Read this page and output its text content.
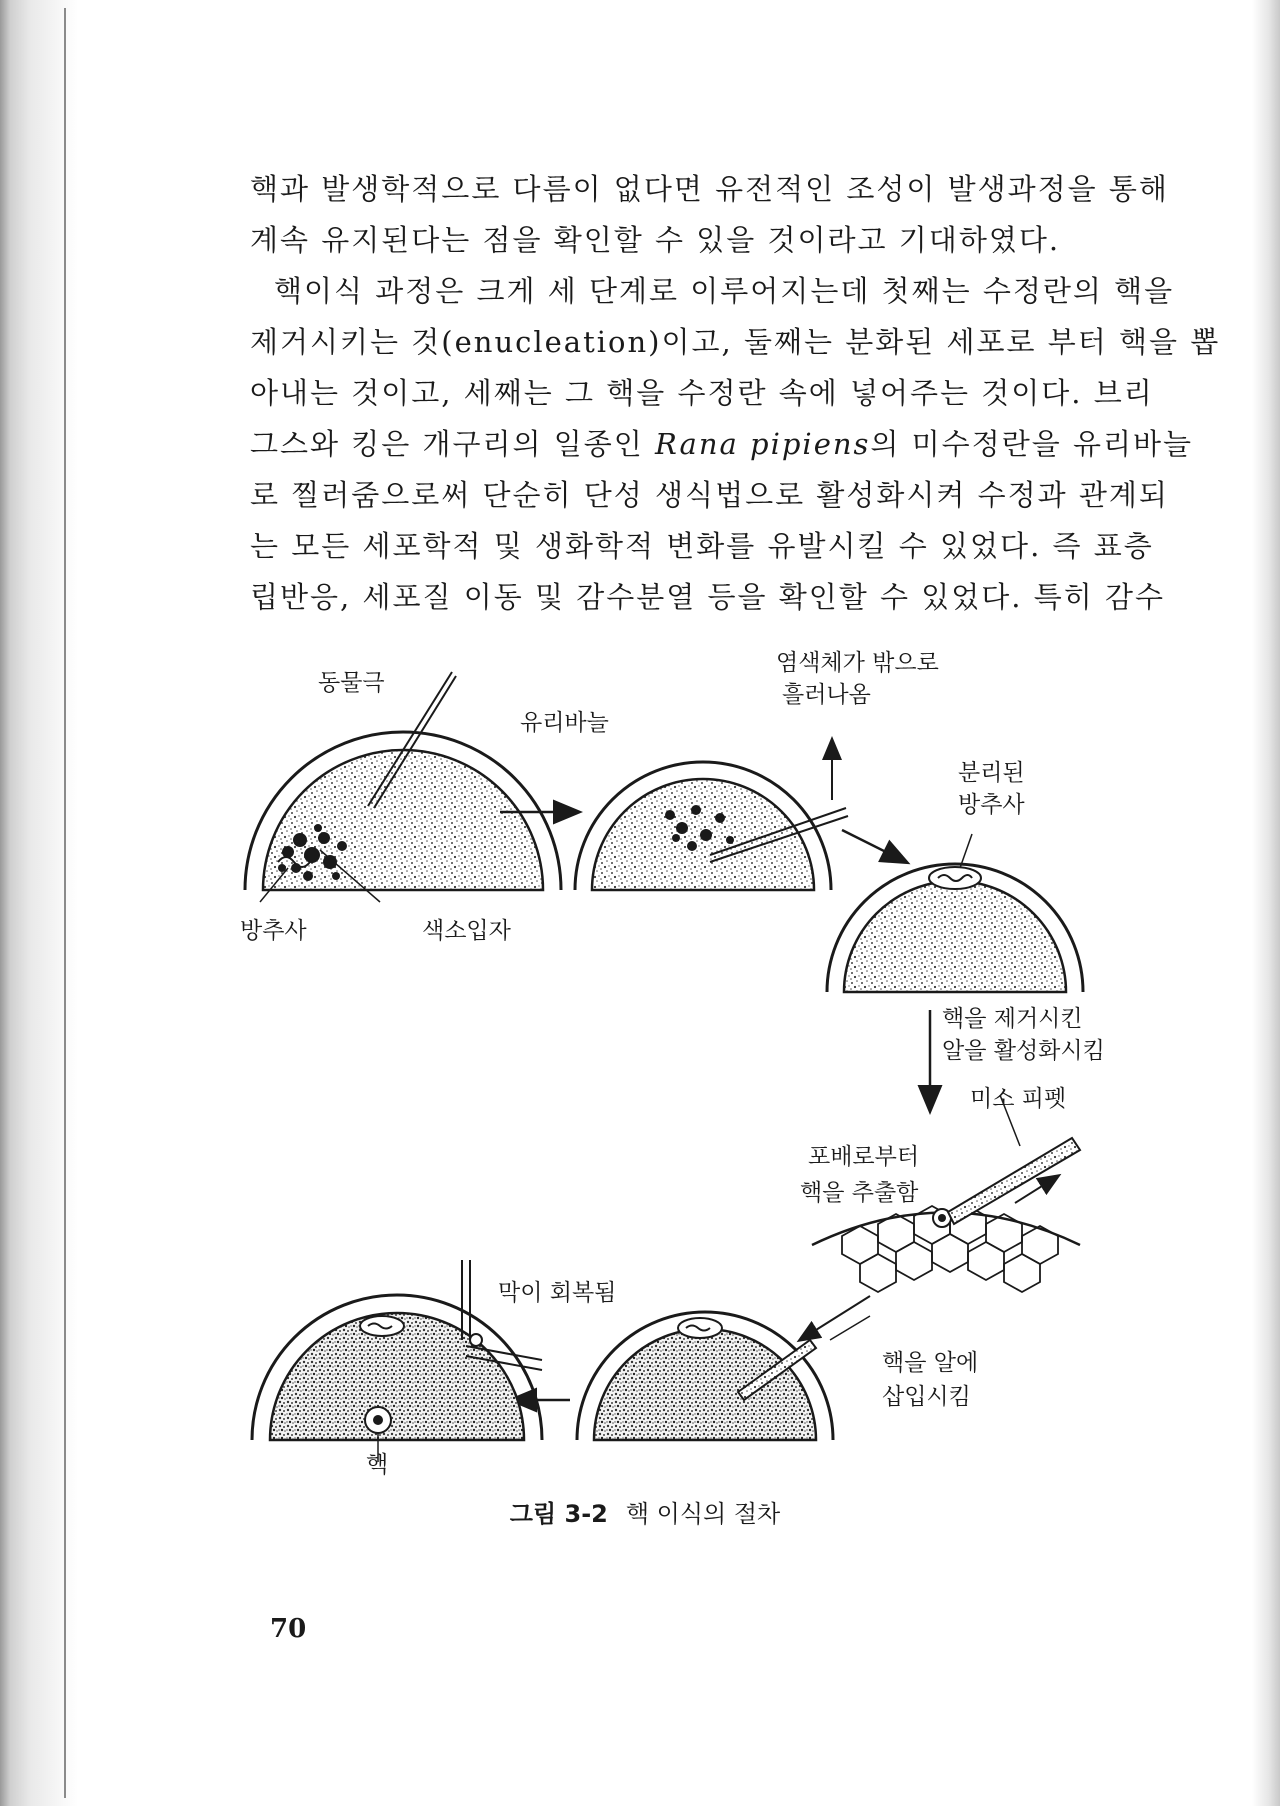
핵과 발생학적으로 다름이 없다면 유전적인 조성이 발생과정을 통해
계속 유지된다는 점을 확인할 수 있을 것이라고 기대하였다.

핵이식 과정은 크게 세 단계로 이루어지는데 첫째는 수정란의 핵을
제거시키는 것(enucleation)이고, 둘째는 분화된 세포로 부터 핵을 뽑
아내는 것이고, 세째는 그 핵을 수정란 속에 넣어주는 것이다. 브리
그스와 킹은 개구리의 일종인 Rana pipiens의 미수정란을 유리바늘
로 찔러줌으로써 단순히 단성 생식법으로 활성화시켜 수정과 관계되
는 모든 세포학적 및 생화학적 변화를 유발시킬 수 있었다. 즉 표층
립반응, 세포질 이동 및 감수분열 등을 확인할 수 있었다. 특히 감수

동물극
유리바늘
염색체가 밖으로
흘러나옴
분리된
방추사
방추사	색소입자
핵을 제거시킨
알을 활성화시킴
미소 피펫
포배로부터
핵을 추출함
막이 회복됨
핵을 알에
삽입시킴
핵
그림 3-2 핵 이식의 절차
70
